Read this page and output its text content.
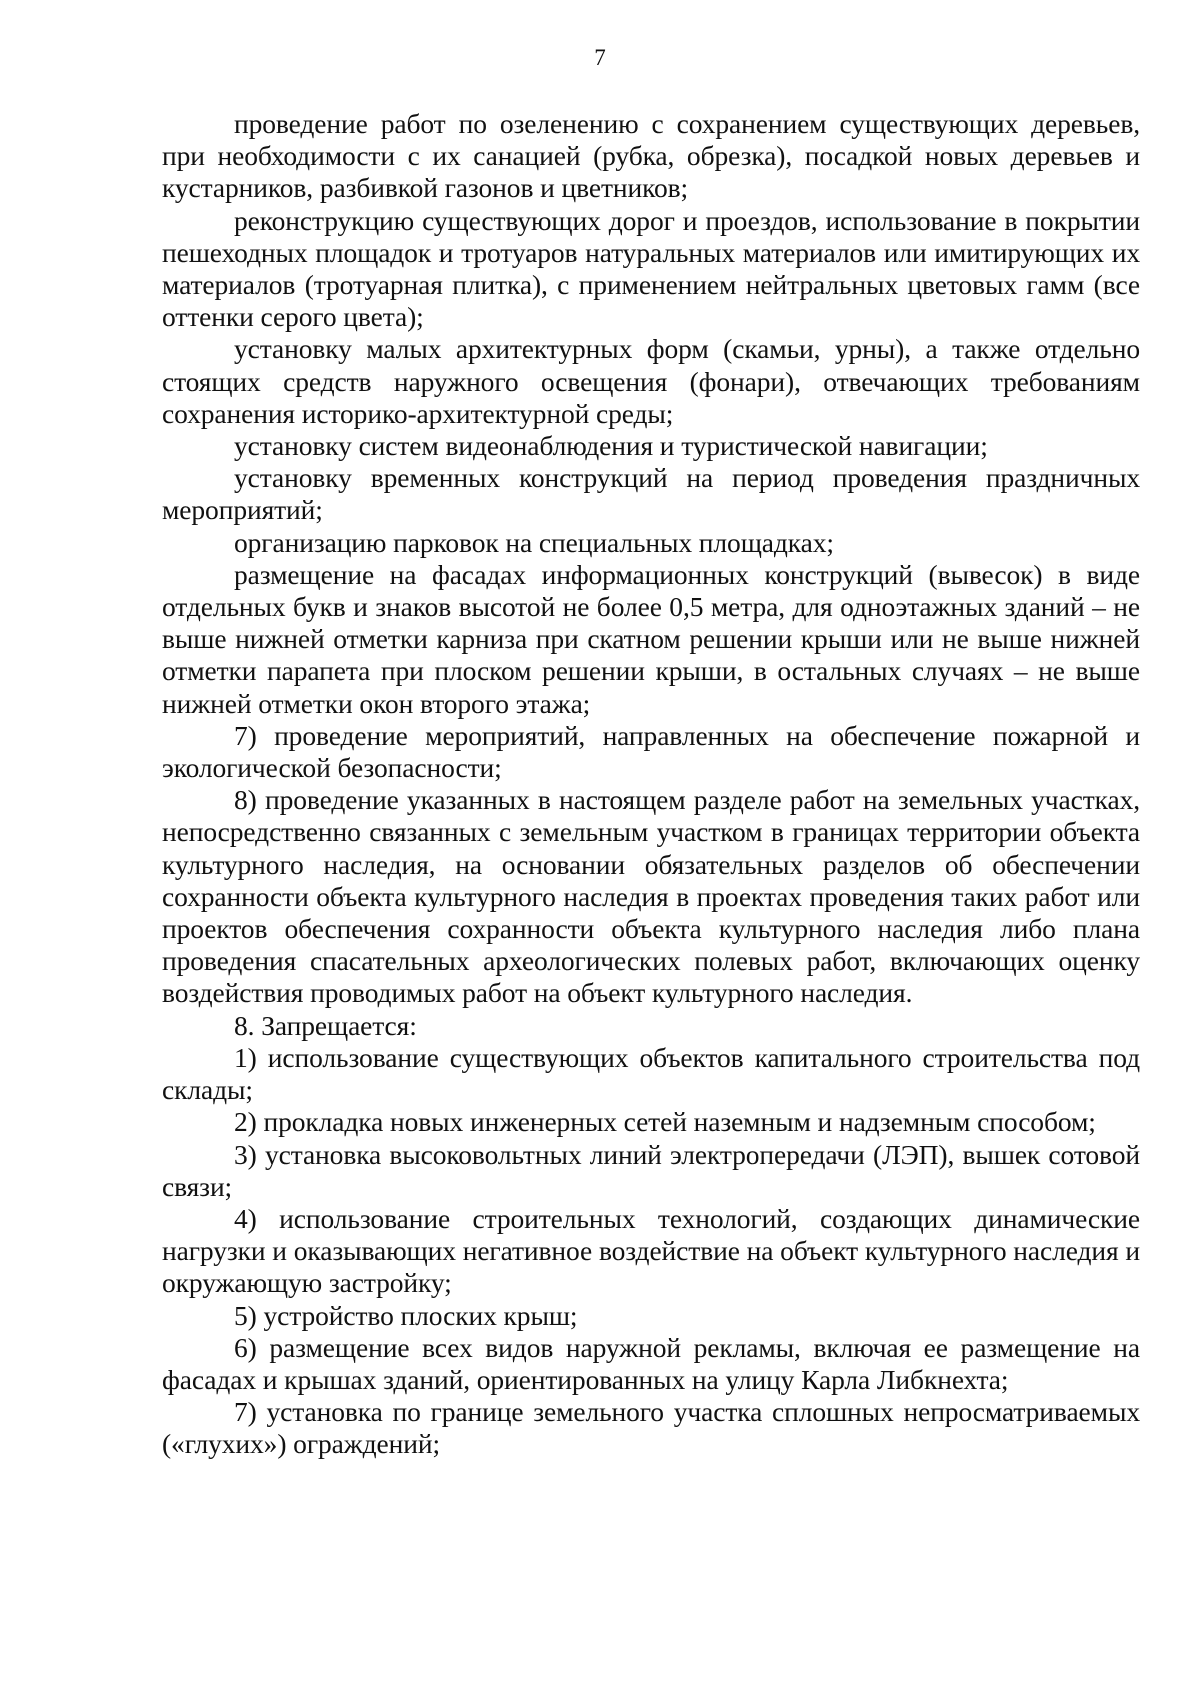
7

проведение работ по озеленению с сохранением существующих деревьев, при необходимости с их санацией (рубка, обрезка), посадкой новых деревьев и кустарников, разбивкой газонов и цветников;

реконструкцию существующих дорог и проездов, использование в покрытии пешеходных площадок и тротуаров натуральных материалов или имитирующих их материалов (тротуарная плитка), с применением нейтральных цветовых гамм (все оттенки серого цвета);

установку малых архитектурных форм (скамьи, урны), а также отдельно стоящих средств наружного освещения (фонари), отвечающих требованиям сохранения историко-архитектурной среды;

установку систем видеонаблюдения и туристической навигации;

установку временных конструкций на период проведения праздничных мероприятий;

организацию парковок на специальных площадках;

размещение на фасадах информационных конструкций (вывесок) в виде отдельных букв и знаков высотой не более 0,5 метра, для одноэтажных зданий – не выше нижней отметки карниза при скатном решении крыши или не выше нижней отметки парапета при плоском решении крыши, в остальных случаях – не выше нижней отметки окон второго этажа;

7) проведение мероприятий, направленных на обеспечение пожарной и экологической безопасности;

8) проведение указанных в настоящем разделе работ на земельных участках, непосредственно связанных с земельным участком в границах территории объекта культурного наследия, на основании обязательных разделов об обеспечении сохранности объекта культурного наследия в проектах проведения таких работ или проектов обеспечения сохранности объекта культурного наследия либо плана проведения спасательных археологических полевых работ, включающих оценку воздействия проводимых работ на объект культурного наследия.

8. Запрещается:

1) использование существующих объектов капитального строительства под склады;

2) прокладка новых инженерных сетей наземным и надземным способом;

3) установка высоковольтных линий электропередачи (ЛЭП), вышек сотовой связи;

4) использование строительных технологий, создающих динамические нагрузки и оказывающих негативное воздействие на объект культурного наследия и окружающую застройку;

5) устройство плоских крыш;

6) размещение всех видов наружной рекламы, включая ее размещение на фасадах и крышах зданий, ориентированных на улицу Карла Либкнехта;

7) установка по границе земельного участка сплошных непросматриваемых («глухих») ограждений;
